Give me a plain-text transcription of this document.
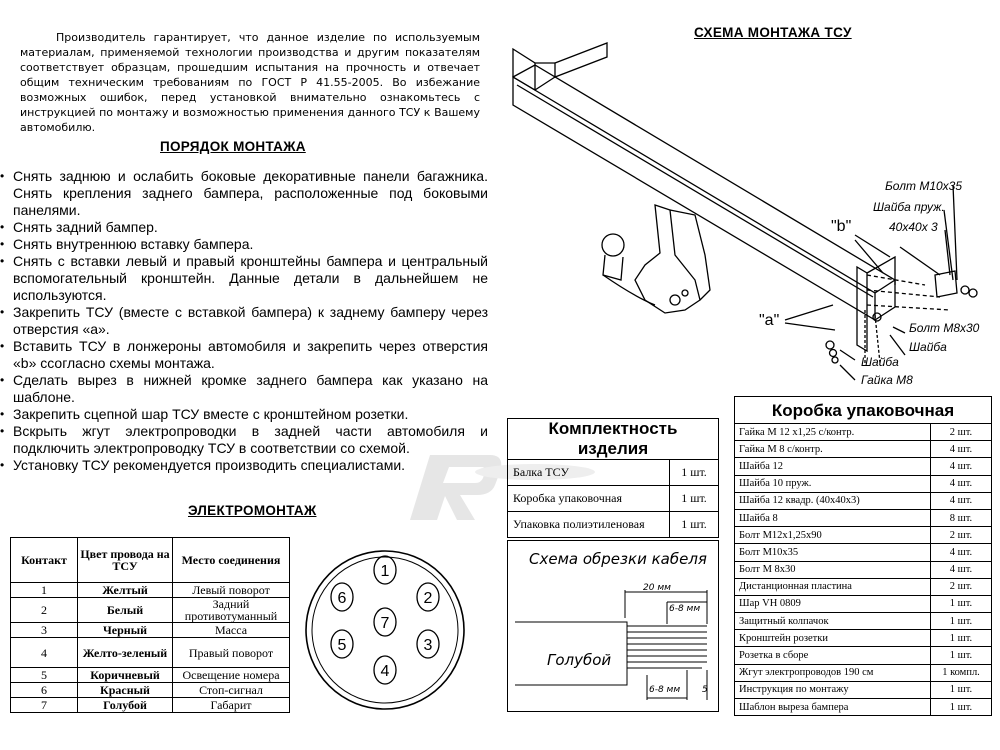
Производитель гарантирует, что данное изделие по используемым материалам, применяемой технологии производства и другим показателям соответствует образцам, прошедшим испытания на прочность и отвечает общим техническим требованиям по ГОСТ Р 41.55-2005. Во избежание возможных ошибок, перед установкой внимательно ознакомьтесь с инструкцией по монтажу и возможностью применения данного ТСУ к Вашему автомобилю.

ПОРЯДОК МОНТАЖА
• Снять заднюю и ослабить боковые декоративные панели багажника. Снять крепления заднего бампера, расположенные под боковыми панелями.
• Снять задний бампер.
• Снять внутреннюю вставку бампера.
• Снять с вставки левый и правый кронштейны бампера и центральный вспомогательный кронштейн. Данные детали в дальнейшем не используются.
• Закрепить ТСУ (вместе с вставкой бампера) к заднему бамперу через отверстия «а».
• Вставить ТСУ в лонжероны автомобиля и закрепить через отверстия «b» ссогласно схемы монтажа.
• Сделать вырез в нижней кромке заднего бампера как указано на шаблоне.
• Закрепить сцепной шар ТСУ вместе с кронштейном розетки.
• Вскрыть жгут электропроводки в задней части автомобиля и подключить электропроводку ТСУ в соответствии со схемой.
• Установку ТСУ рекомендуется производить специалистами.
СХЕМА МОНТАЖА ТСУ
Болт М10х35
Шайба пруж.
40х40х 3
"b"
"a"	Болт М8х30
Шайба
Шайба
Гайка М8
ЭЛЕКТРОМОНТАЖ
Контакт	Цвет провода на ТСУ	Место соединения
1	Желтый	Левый поворот
2	Белый	Задний противотуманный
3	Черный	Масса
4	Желто-зеленый	Правый поворот
5	Коричневый	Освещение номера
6	Красный	Стоп-сигнал
7	Голубой	Габарит
1
2
3
4
5
6
7
Комплектность изделия	
Балка ТСУ	1 шт.
Коробка упаковочная	1 шт.
Упаковка полиэтиленовая	1 шт.
Схема обрезки кабеля
20 мм
6-8 мм
6-8 мм 5
Голубой
Коробка упаковочная	
Гайка М 12 х1,25 с/контр.	2 шт.
Гайка М 8 с/контр.	4 шт.
Шайба 12	4 шт.
Шайба 10 пруж.	4 шт.
Шайба 12 квадр. (40х40х3)	4 шт.
Шайба 8	8 шт.
Болт М12х1,25х90	2 шт.
Болт М10х35	4 шт.
Болт М 8х30	4 шт.
Дистанционная пластина	2 шт.
Шар VH 0809	1 шт.
Защитный колпачок	1 шт.
Кронштейн розетки	1 шт.
Розетка в сборе	1 шт.
Жгут электропроводов 190 см	1 компл.
Инструкция по монтажу	1 шт.
Шаблон выреза бампера	1 шт.
